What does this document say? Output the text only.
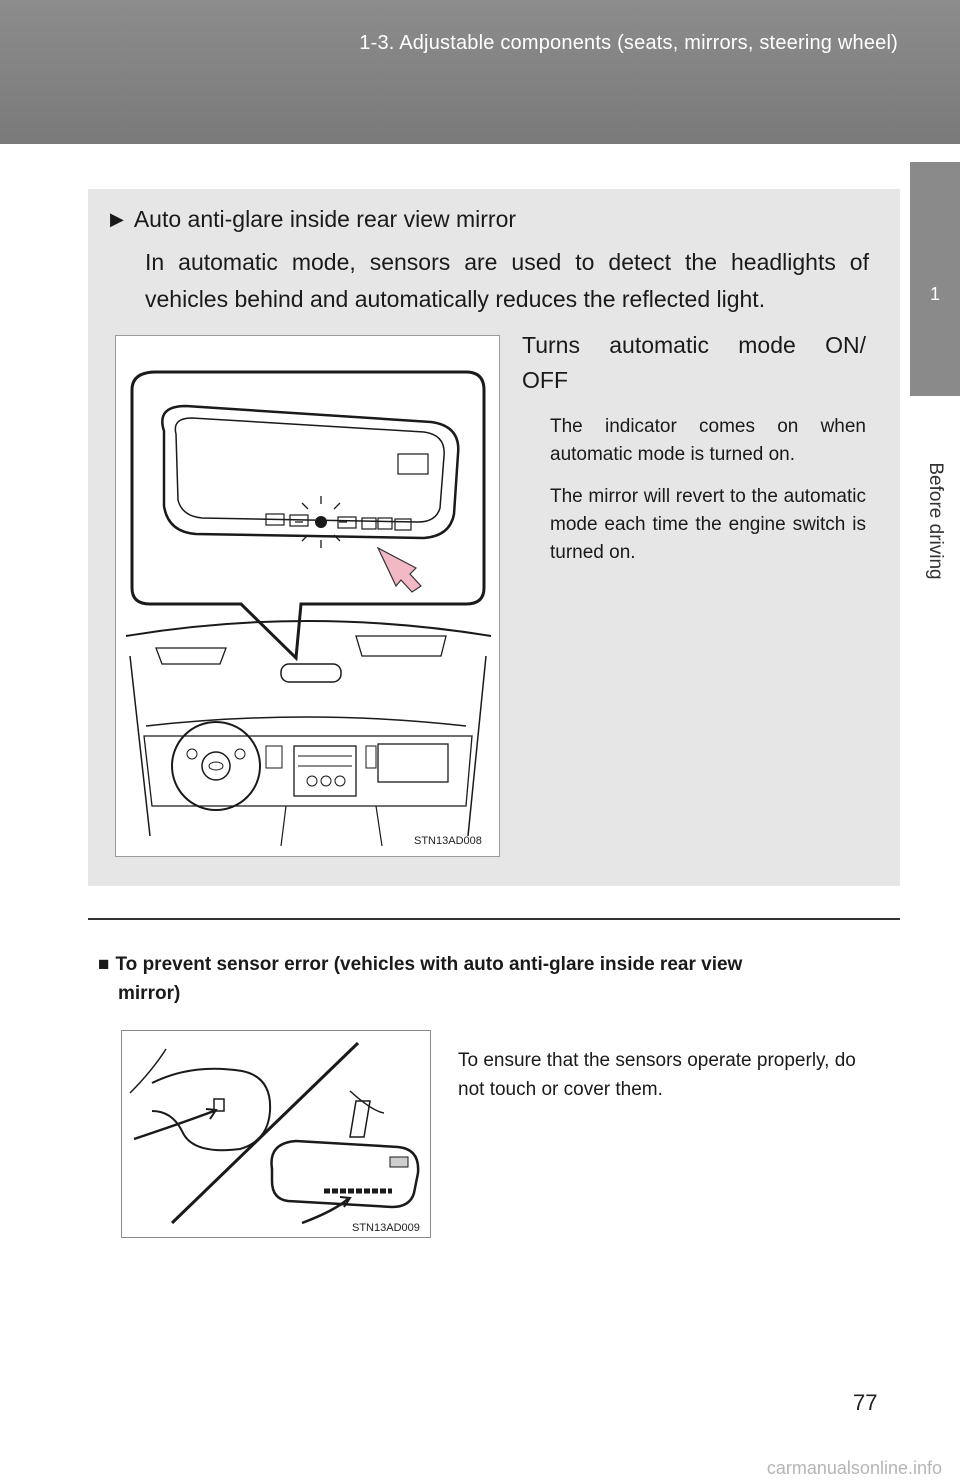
1-3. Adjustable components (seats, mirrors, steering wheel)
1
Before driving
▶ Auto anti-glare inside rear view mirror
In automatic mode, sensors are used to detect the headlights of vehicles behind and automatically reduces the reflected light.
STN13AD008
Turns automatic mode ON/
OFF
The indicator comes on when automatic mode is turned on.
The mirror will revert to the automatic mode each time the engine switch is turned on.
■ To prevent sensor error (vehicles with auto anti-glare inside rear view
mirror)
STN13AD009
To ensure that the sensors operate properly, do not touch or cover them.
77
carmanualsonline.info
